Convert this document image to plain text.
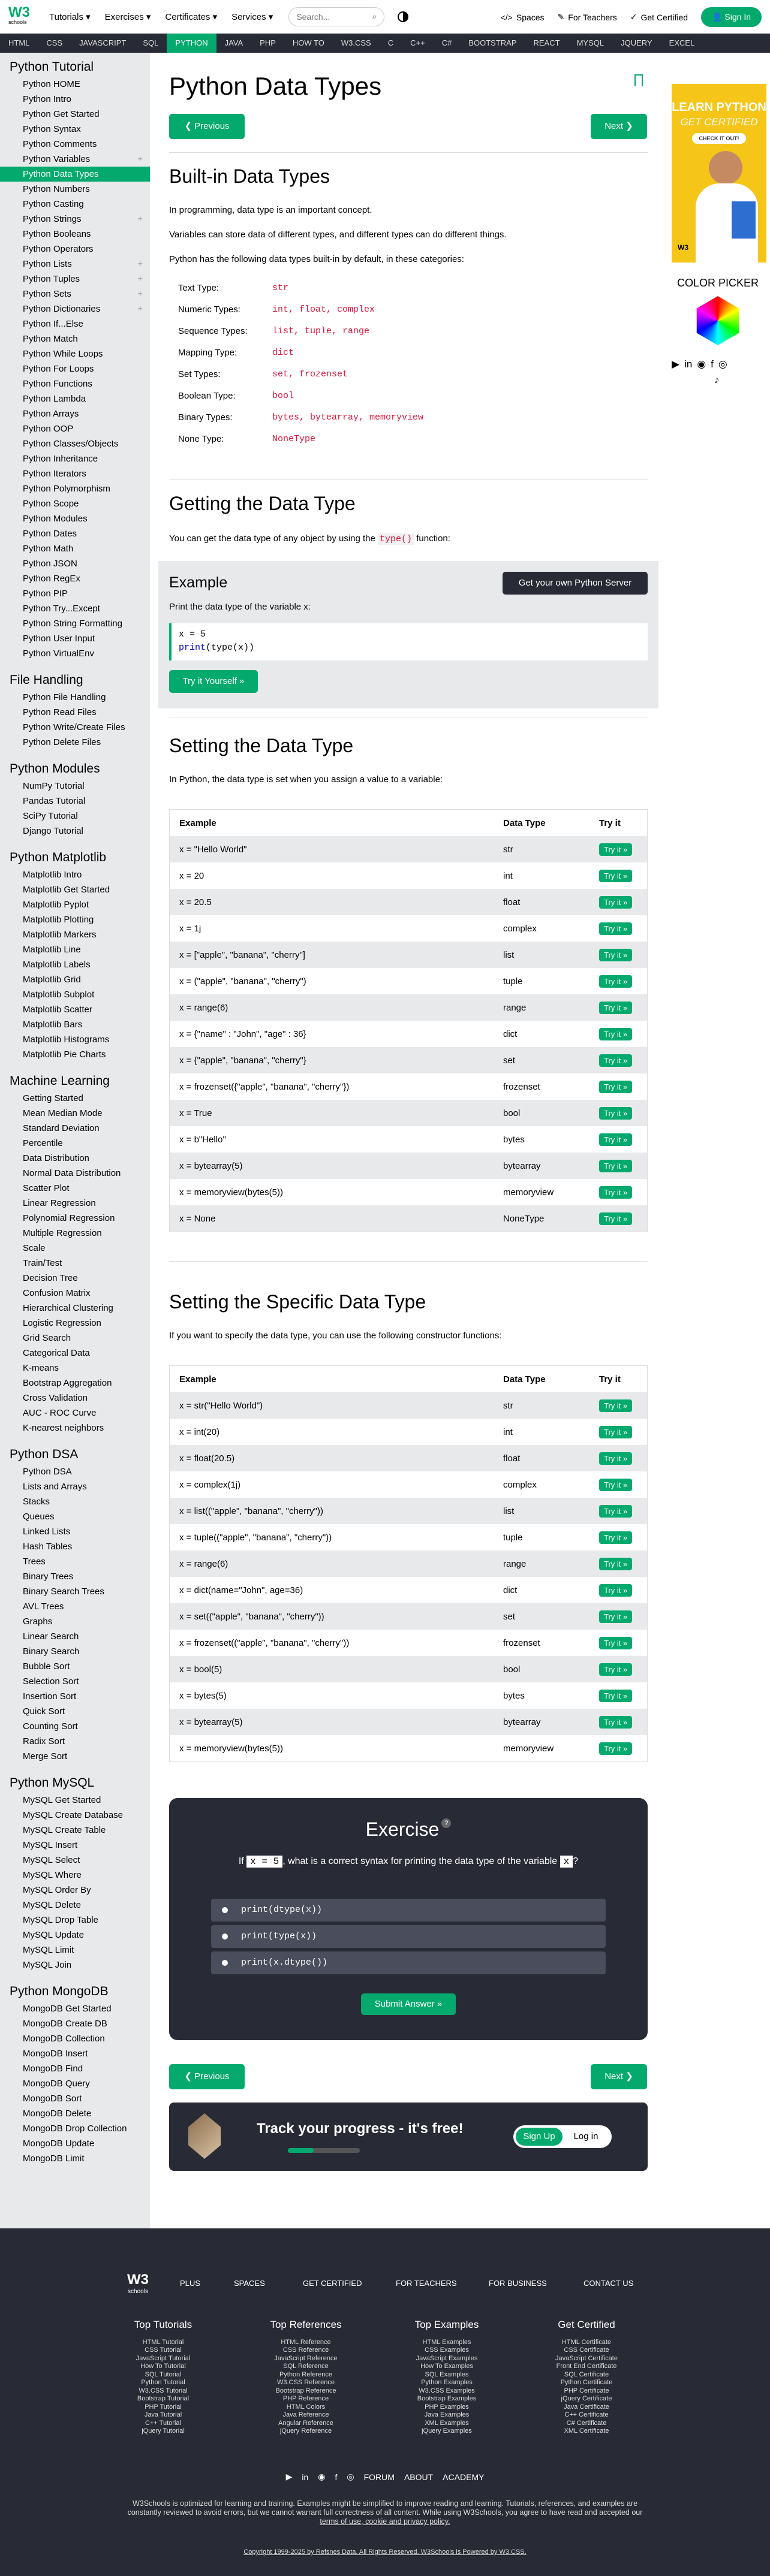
W3
schools	Tutorials ▾ Exercises ▾ Certificates ▾ Services ▾	Search...	⌕	</> Spaces ✎ For Teachers ✓ Get Certified	👤 Sign In
HTML	CSS	JAVASCRIPT	SQL	PYTHON	JAVA	PHP	HOW TO	W3.CSS	C	C++	C#	BOOTSTRAP	REACT	MYSQL	JQUERY	EXCEL
Python Tutorial
Python HOME
Python Intro
Python Get Started
Python Syntax
Python Comments
Python Variables	+
Python Data Types
Python Numbers
Python Casting
Python Strings	+
Python Booleans
Python Operators
Python Lists	+
Python Tuples	+
Python Sets	+
Python Dictionaries	+
Python If...Else
Python Match
Python While Loops
Python For Loops
Python Functions
Python Lambda
Python Arrays
Python OOP
Python Classes/Objects
Python Inheritance
Python Iterators
Python Polymorphism
Python Scope
Python Modules
Python Dates
Python Math
Python JSON
Python RegEx
Python PIP
Python Try...Except
Python String Formatting
Python User Input
Python VirtualEnv
File Handling
Python File Handling
Python Read Files
Python Write/Create Files
Python Delete Files
Python Modules
NumPy Tutorial
Pandas Tutorial
SciPy Tutorial
Django Tutorial
Python Matplotlib
Matplotlib Intro
Matplotlib Get Started
Matplotlib Pyplot
Matplotlib Plotting
Matplotlib Markers
Matplotlib Line
Matplotlib Labels
Matplotlib Grid
Matplotlib Subplot
Matplotlib Scatter
Matplotlib Bars
Matplotlib Histograms
Matplotlib Pie Charts
Machine Learning
Getting Started
Mean Median Mode
Standard Deviation
Percentile
Data Distribution
Normal Data Distribution
Scatter Plot
Linear Regression
Polynomial Regression
Multiple Regression
Scale
Train/Test
Decision Tree
Confusion Matrix
Hierarchical Clustering
Logistic Regression
Grid Search
Categorical Data
K-means
Bootstrap Aggregation
Cross Validation
AUC - ROC Curve
K-nearest neighbors
Python DSA
Python DSA
Lists and Arrays
Stacks
Queues
Linked Lists
Hash Tables
Trees
Binary Trees
Binary Search Trees
AVL Trees
Graphs
Linear Search
Binary Search
Bubble Sort
Selection Sort
Insertion Sort
Quick Sort
Counting Sort
Radix Sort
Merge Sort
Python MySQL
MySQL Get Started
MySQL Create Database
MySQL Create Table
MySQL Insert
MySQL Select
MySQL Where
MySQL Order By
MySQL Delete
MySQL Drop Table
MySQL Update
MySQL Limit
MySQL Join
Python MongoDB
MongoDB Get Started
MongoDB Create DB
MongoDB Collection
MongoDB Insert
MongoDB Find
MongoDB Query
MongoDB Sort
MongoDB Delete
MongoDB Drop Collection
MongoDB Update
MongoDB Limit
Python Data Types
❮ Previous	Next ❯
Built-in Data Types
In programming, data type is an important concept.
Variables can store data of different types, and different types can do different things.
Python has the following data types built-in by default, in these categories:
Text Type:	str
Numeric Types:	int, float, complex
Sequence Types:	list, tuple, range
Mapping Type:	dict
Set Types:	set, frozenset
Boolean Type:	bool
Binary Types:	bytes, bytearray, memoryview
None Type:	NoneType
Getting the Data Type
You can get the data type of any object by using the type() function:
Example	Get your own Python Server
Print the data type of the variable x:
x = 5
print(type(x))
Try it Yourself »
Setting the Data Type
In Python, the data type is set when you assign a value to a variable:
Example	Data Type	Try it
x = "Hello World"	str	Try it »
x = 20	int	Try it »
x = 20.5	float	Try it »
x = 1j	complex	Try it »
x = ["apple", "banana", "cherry"]	list	Try it »
x = ("apple", "banana", "cherry")	tuple	Try it »
x = range(6)	range	Try it »
x = {"name" : "John", "age" : 36}	dict	Try it »
x = {"apple", "banana", "cherry"}	set	Try it »
x = frozenset({"apple", "banana", "cherry"})	frozenset	Try it »
x = True	bool	Try it »
x = b"Hello"	bytes	Try it »
x = bytearray(5)	bytearray	Try it »
x = memoryview(bytes(5))	memoryview	Try it »
x = None	NoneType	Try it »
Setting the Specific Data Type
If you want to specify the data type, you can use the following constructor functions:
Example	Data Type	Try it
x = str("Hello World")	str	Try it »
x = int(20)	int	Try it »
x = float(20.5)	float	Try it »
x = complex(1j)	complex	Try it »
x = list(("apple", "banana", "cherry"))	list	Try it »
x = tuple(("apple", "banana", "cherry"))	tuple	Try it »
x = range(6)	range	Try it »
x = dict(name="John", age=36)	dict	Try it »
x = set(("apple", "banana", "cherry"))	set	Try it »
x = frozenset(("apple", "banana", "cherry"))	frozenset	Try it »
x = bool(5)	bool	Try it »
x = bytes(5)	bytes	Try it »
x = bytearray(5)	bytearray	Try it »
x = memoryview(bytes(5))	memoryview	Try it »
Exercise ?
If x = 5 , what is a correct syntax for printing the data type of the variable x ?
print(dtype(x))
print(type(x))
print(x.dtype())
Submit Answer »
❮ Previous	Next ❯
Track your progress - it's free!	Sign Up	Log in
LEARN PYTHON
GET CERTIFIED
CHECK IT OUT!
W3
COLOR PICKER
▶ in ◉ f ◎
♪
W3
schools
PLUS	SPACES	GET CERTIFIED	FOR TEACHERS	FOR BUSINESS	CONTACT US
Top Tutorials
HTML Tutorial
CSS Tutorial
JavaScript Tutorial
How To Tutorial
SQL Tutorial
Python Tutorial
W3.CSS Tutorial
Bootstrap Tutorial
PHP Tutorial
Java Tutorial
C++ Tutorial
jQuery Tutorial
Top References
HTML Reference
CSS Reference
JavaScript Reference
SQL Reference
Python Reference
W3.CSS Reference
Bootstrap Reference
PHP Reference
HTML Colors
Java Reference
Angular Reference
jQuery Reference
Top Examples
HTML Examples
CSS Examples
JavaScript Examples
How To Examples
SQL Examples
Python Examples
W3.CSS Examples
Bootstrap Examples
PHP Examples
Java Examples
XML Examples
jQuery Examples
Get Certified
HTML Certificate
CSS Certificate
JavaScript Certificate
Front End Certificate
SQL Certificate
Python Certificate
PHP Certificate
jQuery Certificate
Java Certificate
C++ Certificate
C# Certificate
XML Certificate
▶ in ◉ f ◎ FORUM ABOUT ACADEMY
W3Schools is optimized for learning and training. Examples might be simplified to improve reading and learning. Tutorials, references, and examples are
constantly reviewed to avoid errors, but we cannot warrant full correctness of all content. While using W3Schools, you agree to have read and accepted our
terms of use, cookie and privacy policy.
Copyright 1999-2025 by Refsnes Data. All Rights Reserved. W3Schools is Powered by W3.CSS.
